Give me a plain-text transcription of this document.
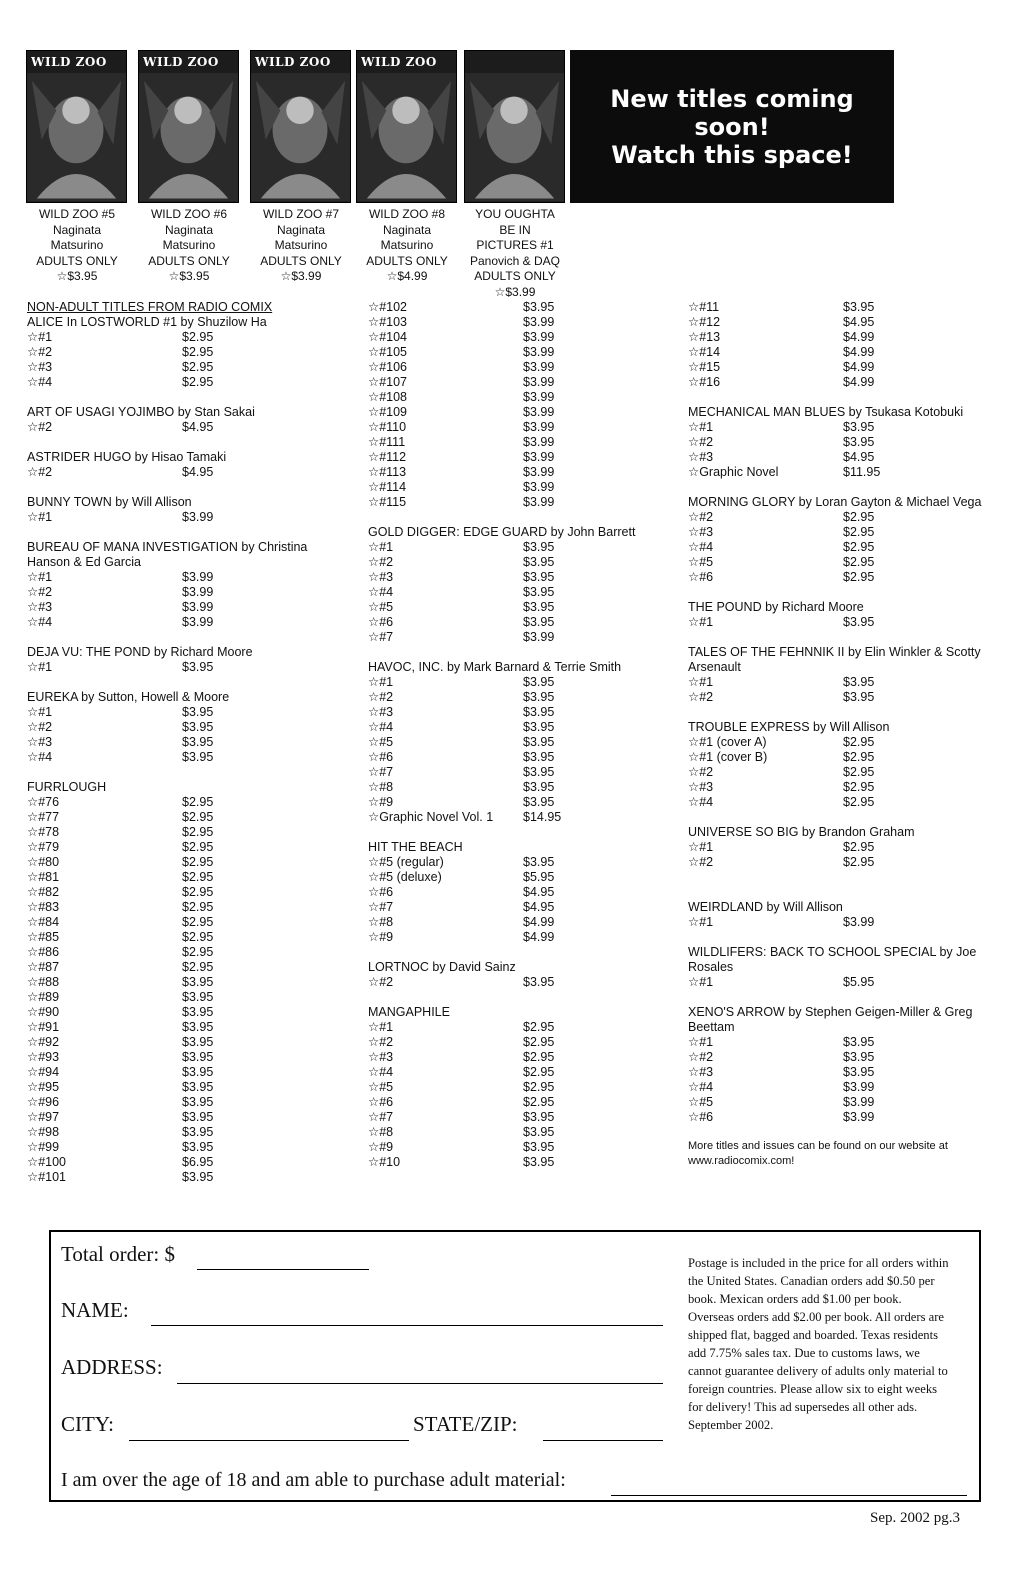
WILD ZOO
WILD ZOO #5
Naginata
Matsurino
ADULTS ONLY
☆$3.95
WILD ZOO
WILD ZOO #6
Naginata
Matsurino
ADULTS ONLY
☆$3.95
WILD ZOO
WILD ZOO #7
Naginata
Matsurino
ADULTS ONLY
☆$3.99
WILD ZOO
WILD ZOO #8
Naginata
Matsurino
ADULTS ONLY
☆$4.99
YOU OUGHTA
BE IN
PICTURES #1
Panovich & DAQ
ADULTS ONLY
☆$3.99
New titles coming
soon!
Watch this space!
NON-ADULT TITLES FROM RADIO COMIX
ALICE In LOSTWORLD #1 by Shuzilow Ha
☆#1	$2.95
☆#2	$2.95
☆#3	$2.95
☆#4	$2.95
ART OF USAGI YOJIMBO by Stan Sakai
☆#2	$4.95
ASTRIDER HUGO by Hisao Tamaki
☆#2	$4.95
BUNNY TOWN by Will Allison
☆#1	$3.99
BUREAU OF MANA INVESTIGATION by Christina Hanson & Ed Garcia
☆#1	$3.99
☆#2	$3.99
☆#3	$3.99
☆#4	$3.99
DEJA VU: THE POND by Richard Moore
☆#1	$3.95
EUREKA by Sutton, Howell & Moore
☆#1	$3.95
☆#2	$3.95
☆#3	$3.95
☆#4	$3.95
FURRLOUGH
☆#76	$2.95
☆#77	$2.95
☆#78	$2.95
☆#79	$2.95
☆#80	$2.95
☆#81	$2.95
☆#82	$2.95
☆#83	$2.95
☆#84	$2.95
☆#85	$2.95
☆#86	$2.95
☆#87	$2.95
☆#88	$3.95
☆#89	$3.95
☆#90	$3.95
☆#91	$3.95
☆#92	$3.95
☆#93	$3.95
☆#94	$3.95
☆#95	$3.95
☆#96	$3.95
☆#97	$3.95
☆#98	$3.95
☆#99	$3.95
☆#100	$6.95
☆#101	$3.95
☆#102	$3.95
☆#103	$3.99
☆#104	$3.99
☆#105	$3.99
☆#106	$3.99
☆#107	$3.99
☆#108	$3.99
☆#109	$3.99
☆#110	$3.99
☆#111	$3.99
☆#112	$3.99
☆#113	$3.99
☆#114	$3.99
☆#115	$3.99
GOLD DIGGER: EDGE GUARD by John Barrett
☆#1	$3.95
☆#2	$3.95
☆#3	$3.95
☆#4	$3.95
☆#5	$3.95
☆#6	$3.95
☆#7	$3.99
HAVOC, INC. by Mark Barnard & Terrie Smith
☆#1	$3.95
☆#2	$3.95
☆#3	$3.95
☆#4	$3.95
☆#5	$3.95
☆#6	$3.95
☆#7	$3.95
☆#8	$3.95
☆#9	$3.95
☆Graphic Novel Vol. 1	$14.95
HIT THE BEACH
☆#5 (regular)	$3.95
☆#5 (deluxe)	$5.95
☆#6	$4.95
☆#7	$4.95
☆#8	$4.99
☆#9	$4.99
LORTNOC by David Sainz
☆#2	$3.95
MANGAPHILE
☆#1	$2.95
☆#2	$2.95
☆#3	$2.95
☆#4	$2.95
☆#5	$2.95
☆#6	$2.95
☆#7	$3.95
☆#8	$3.95
☆#9	$3.95
☆#10	$3.95
☆#11	$3.95
☆#12	$4.95
☆#13	$4.99
☆#14	$4.99
☆#15	$4.99
☆#16	$4.99
MECHANICAL MAN BLUES by Tsukasa Kotobuki
☆#1	$3.95
☆#2	$3.95
☆#3	$4.95
☆Graphic Novel	$11.95
MORNING GLORY by Loran Gayton & Michael Vega
☆#2	$2.95
☆#3	$2.95
☆#4	$2.95
☆#5	$2.95
☆#6	$2.95
THE POUND by Richard Moore
☆#1	$3.95
TALES OF THE FEHNNIK II by Elin Winkler & Scotty Arsenault
☆#1	$3.95
☆#2	$3.95
TROUBLE EXPRESS by Will Allison
☆#1 (cover A)	$2.95
☆#1 (cover B)	$2.95
☆#2	$2.95
☆#3	$2.95
☆#4	$2.95
UNIVERSE SO BIG by Brandon Graham
☆#1	$2.95
☆#2	$2.95
WEIRDLAND by Will Allison
☆#1	$3.99
WILDLIFERS: BACK TO SCHOOL SPECIAL by Joe Rosales
☆#1	$5.95
XENO'S ARROW by Stephen Geigen-Miller & Greg Beettam
☆#1	$3.95
☆#2	$3.95
☆#3	$3.95
☆#4	$3.99
☆#5	$3.99
☆#6	$3.99
More titles and issues can be found on our website at www.radiocomix.com!
Total order: $
NAME:
ADDRESS:
CITY:	STATE/ZIP:
I am over the age of 18 and am able to purchase adult material:
Postage is included in the price for all orders within the United States. Canadian orders add $0.50 per book. Mexican orders add $1.00 per book. Overseas orders add $2.00 per book. All orders are shipped flat, bagged and boarded. Texas residents add 7.75% sales tax. Due to customs laws, we cannot guarantee delivery of adults only material to foreign countries. Please allow six to eight weeks for delivery! This ad supersedes all other ads. September 2002.
Sep. 2002 pg.3
